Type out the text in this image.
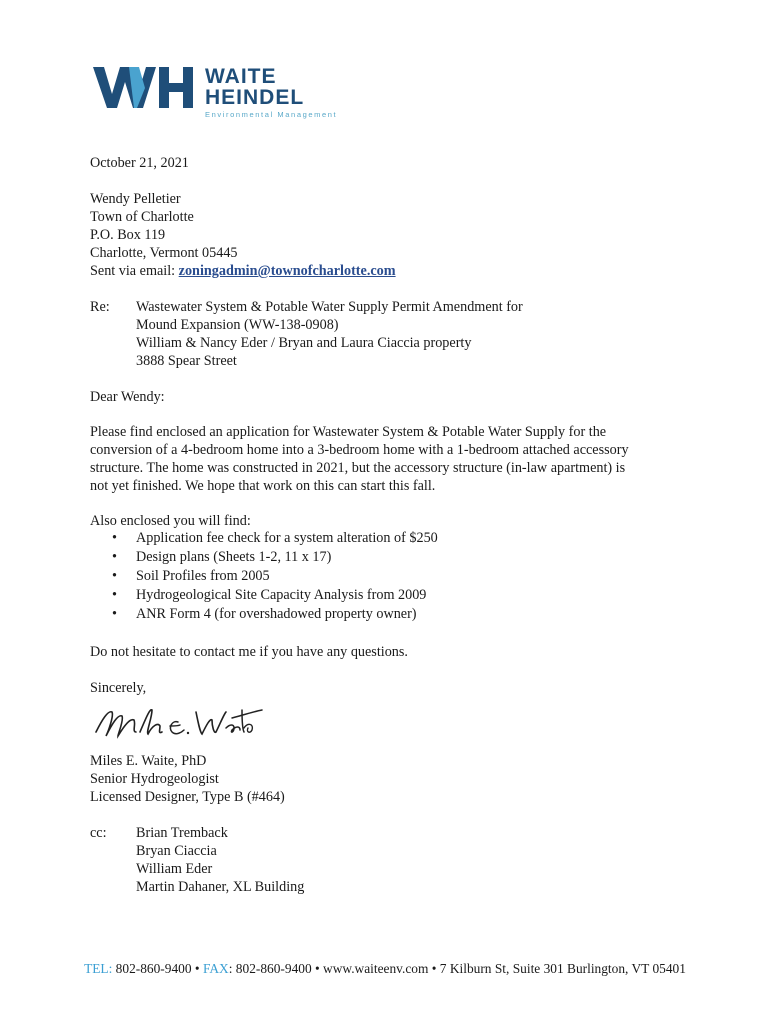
WAITE
HEINDEL
Environmental Management
October 21, 2021
Wendy Pelletier
Town of Charlotte
P.O. Box 119
Charlotte, Vermont 05445
Sent via email: zoningadmin@townofcharlotte.com
Re: Wastewater System & Potable Water Supply Permit Amendment for
Mound Expansion (WW-138-0908)
William & Nancy Eder / Bryan and Laura Ciaccia property
3888 Spear Street
Dear Wendy:
Please find enclosed an application for Wastewater System & Potable Water Supply for the
conversion of a 4-bedroom home into a 3-bedroom home with a 1-bedroom attached accessory
structure. The home was constructed in 2021, but the accessory structure (in-law apartment) is
not yet finished. We hope that work on this can start this fall.
Also enclosed you will find:
• Application fee check for a system alteration of $250
• Design plans (Sheets 1-2, 11 x 17)
• Soil Profiles from 2005
• Hydrogeological Site Capacity Analysis from 2009
• ANR Form 4 (for overshadowed property owner)
Do not hesitate to contact me if you have any questions.
Sincerely,
Miles E. Waite, PhD
Senior Hydrogeologist
Licensed Designer, Type B (#464)
cc: Brian Tremback
Bryan Ciaccia
William Eder
Martin Dahaner, XL Building
TEL: 802-860-9400 • FAX: 802-860-9400 • www.waiteenv.com • 7 Kilburn St, Suite 301 Burlington, VT 05401
